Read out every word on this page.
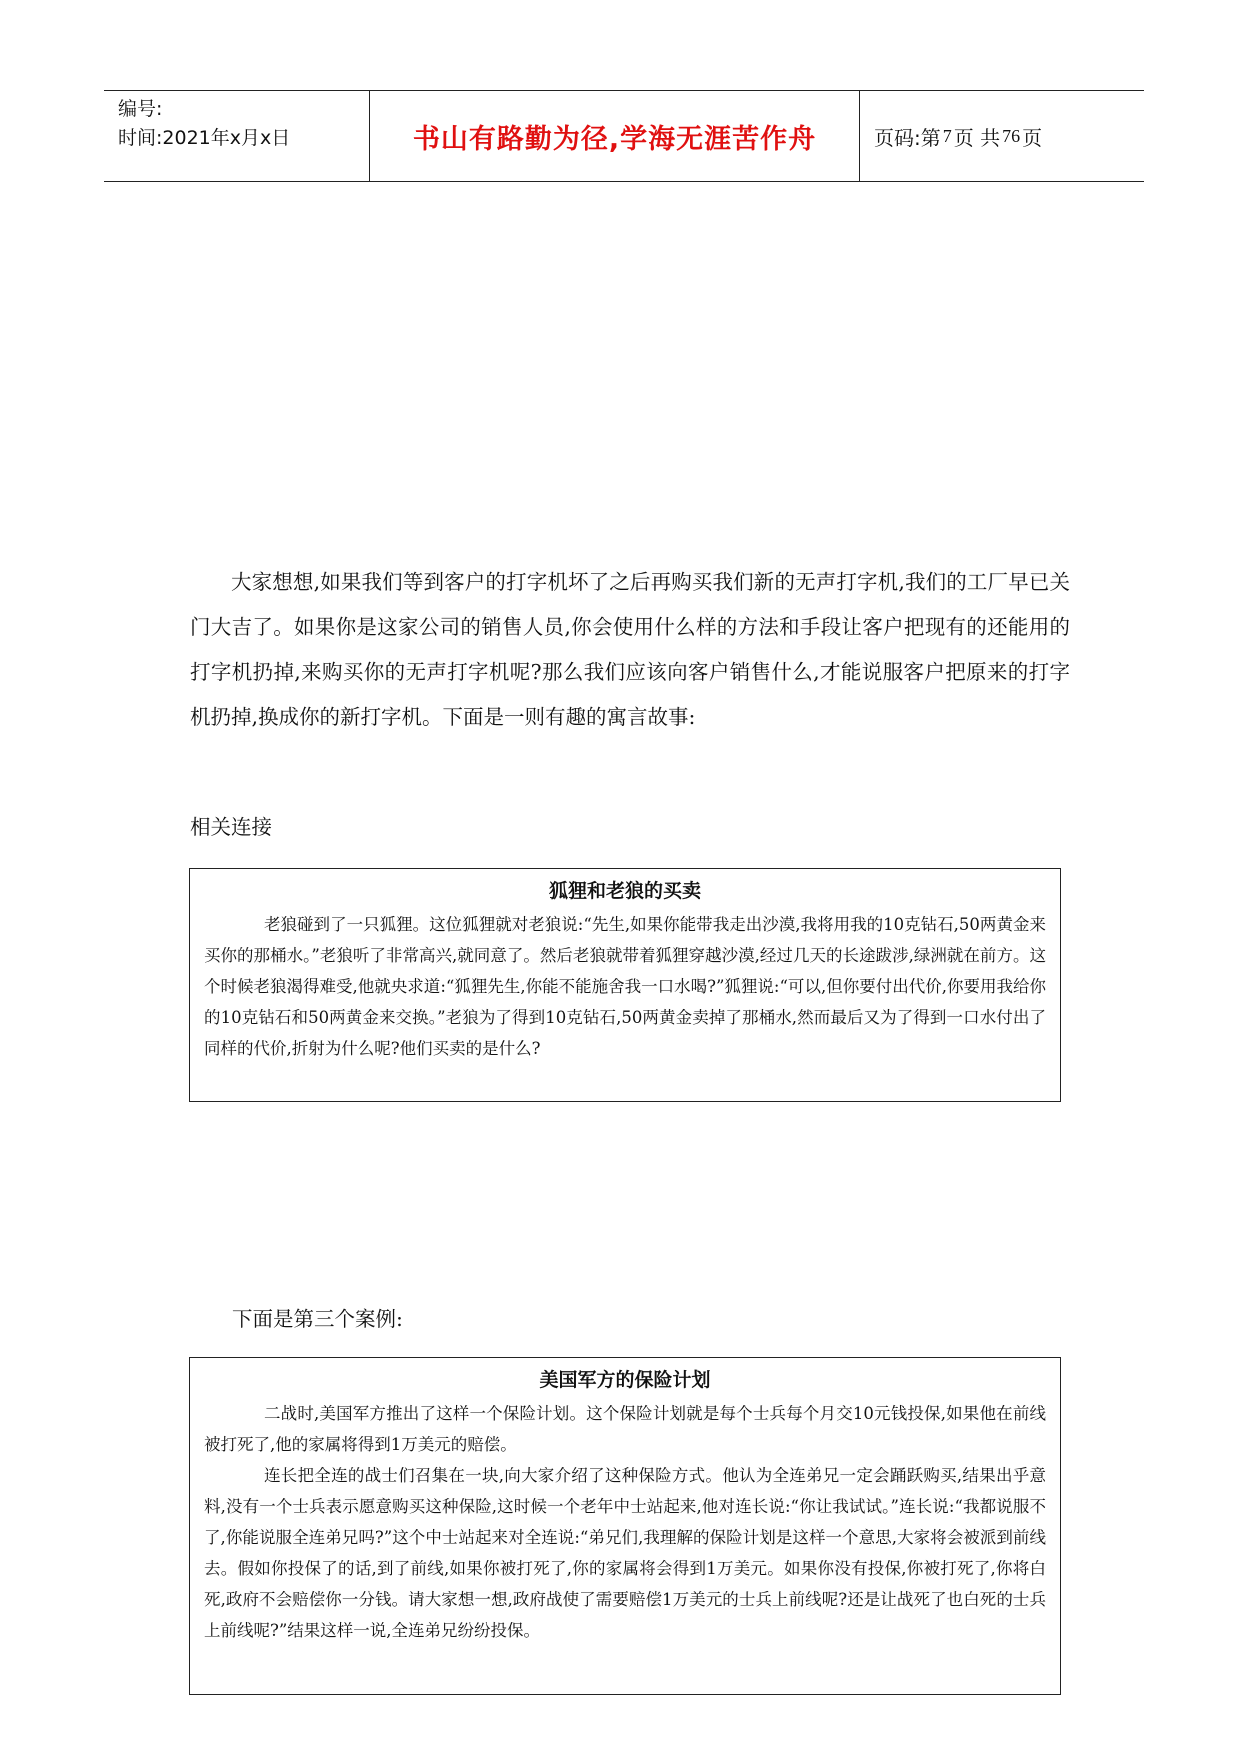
编号:
时间:2021年x月x日	书山有路勤为径,学海无涯苦作舟	页码:第 7 页 共 76 页

大家想想,如果我们等到客户的打字机坏了之后再购买我们新的无声打字机,我们的工厂早已关门大吉了。如果你是这家公司的销售人员,你会使用什么样的方法和手段让客户把现有的还能用的打字机扔掉,来购买你的无声打字机呢?那么我们应该向客户销售什么,才能说服客户把原来的打字机扔掉,换成你的新打字机。下面是一则有趣的寓言故事:

相关连接

狐狸和老狼的买卖

老狼碰到了一只狐狸。这位狐狸就对老狼说:“先生,如果你能带我走出沙漠,我将用我的10克钻石,50两黄金来买你的那桶水。”老狼听了非常高兴,就同意了。然后老狼就带着狐狸穿越沙漠,经过几天的长途跋涉,绿洲就在前方。这个时候老狼渴得难受,他就央求道:“狐狸先生,你能不能施舍我一口水喝?”狐狸说:“可以,但你要付出代价,你要用我给你的10克钻石和50两黄金来交换。”老狼为了得到10克钻石,50两黄金卖掉了那桶水,然而最后又为了得到一口水付出了同样的代价,折射为什么呢?他们买卖的是什么?

下面是第三个案例:

美国军方的保险计划

二战时,美国军方推出了这样一个保险计划。这个保险计划就是每个士兵每个月交10元钱投保,如果他在前线被打死了,他的家属将得到1万美元的赔偿。

连长把全连的战士们召集在一块,向大家介绍了这种保险方式。他认为全连弟兄一定会踊跃购买,结果出乎意料,没有一个士兵表示愿意购买这种保险,这时候一个老年中士站起来,他对连长说:“你让我试试。”连长说:“我都说服不了,你能说服全连弟兄吗?”这个中士站起来对全连说:“弟兄们,我理解的保险计划是这样一个意思,大家将会被派到前线去。假如你投保了的话,到了前线,如果你被打死了,你的家属将会得到1万美元。如果你没有投保,你被打死了,你将白死,政府不会赔偿你一分钱。请大家想一想,政府战使了需要赔偿1万美元的士兵上前线呢?还是让战死了也白死的士兵上前线呢?”结果这样一说,全连弟兄纷纷投保。
